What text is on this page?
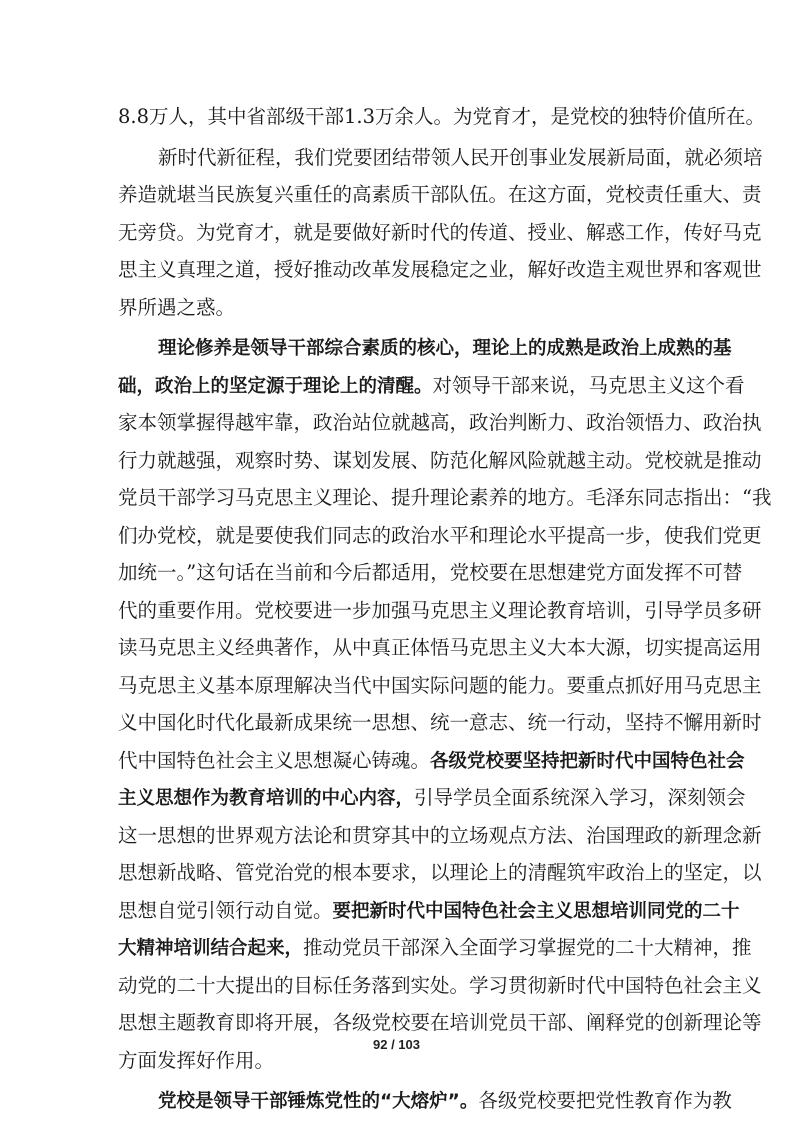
8.8万人，其中省部级干部1.3万余人。为党育才，是党校的独特价值所在。
新时代新征程，我们党要团结带领人民开创事业发展新局面，就必须培
养造就堪当民族复兴重任的高素质干部队伍。在这方面，党校责任重大、责
无旁贷。为党育才，就是要做好新时代的传道、授业、解惑工作，传好马克
思主义真理之道，授好推动改革发展稳定之业，解好改造主观世界和客观世
界所遇之惑。
理论修养是领导干部综合素质的核心，理论上的成熟是政治上成熟的基
础，政治上的坚定源于理论上的清醒。对领导干部来说，马克思主义这个看
家本领掌握得越牢靠，政治站位就越高，政治判断力、政治领悟力、政治执
行力就越强，观察时势、谋划发展、防范化解风险就越主动。党校就是推动
党员干部学习马克思主义理论、提升理论素养的地方。毛泽东同志指出：“我
们办党校，就是要使我们同志的政治水平和理论水平提高一步，使我们党更
加统一。”这句话在当前和今后都适用，党校要在思想建党方面发挥不可替
代的重要作用。党校要进一步加强马克思主义理论教育培训，引导学员多研
读马克思主义经典著作，从中真正体悟马克思主义大本大源，切实提高运用
马克思主义基本原理解决当代中国实际问题的能力。要重点抓好用马克思主
义中国化时代化最新成果统一思想、统一意志、统一行动，坚持不懈用新时
代中国特色社会主义思想凝心铸魂。各级党校要坚持把新时代中国特色社会
主义思想作为教育培训的中心内容，引导学员全面系统深入学习，深刻领会
这一思想的世界观方法论和贯穿其中的立场观点方法、治国理政的新理念新
思想新战略、管党治党的根本要求，以理论上的清醒筑牢政治上的坚定，以
思想自觉引领行动自觉。要把新时代中国特色社会主义思想培训同党的二十
大精神培训结合起来，推动党员干部深入全面学习掌握党的二十大精神，推
动党的二十大提出的目标任务落到实处。学习贯彻新时代中国特色社会主义
思想主题教育即将开展，各级党校要在培训党员干部、阐释党的创新理论等
方面发挥好作用。
党校是领导干部锤炼党性的“大熔炉”。各级党校要把党性教育作为教
92 / 103
